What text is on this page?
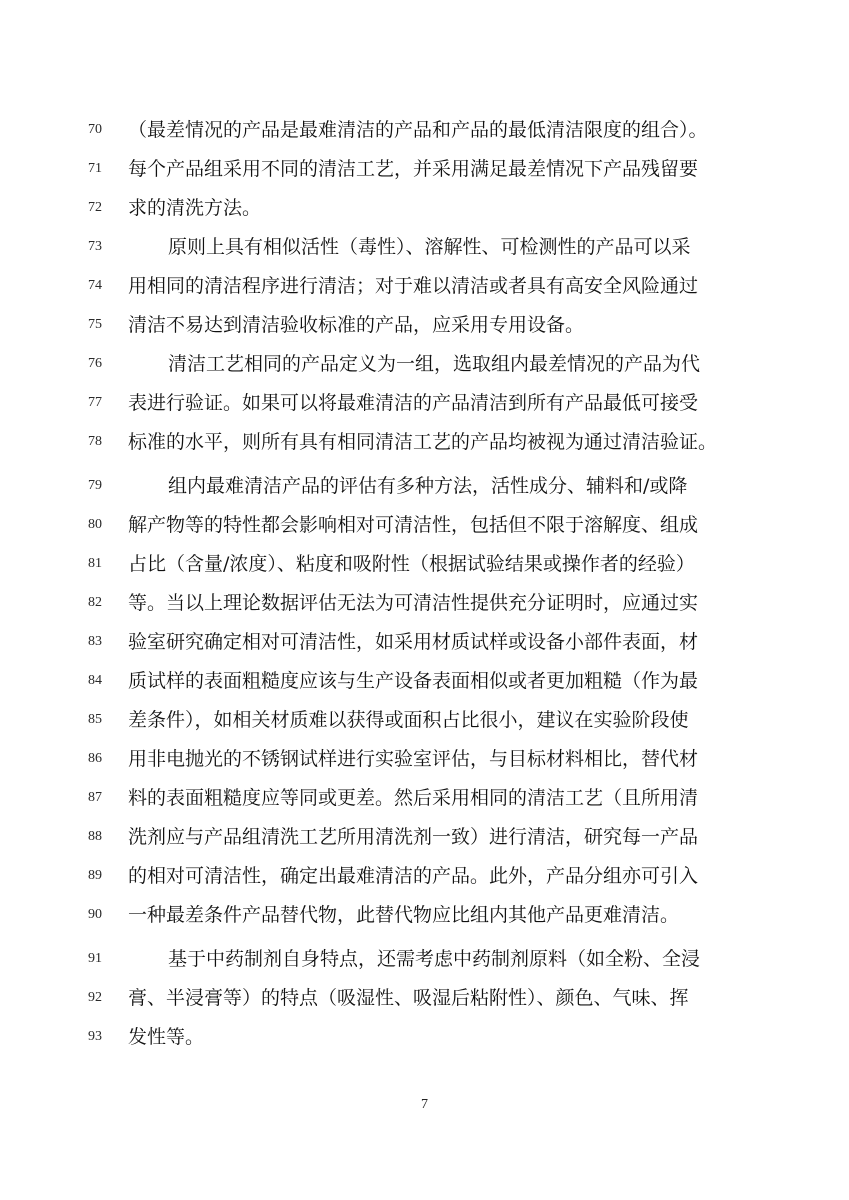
70	（最差情况的产品是最难清洁的产品和产品的最低清洁限度的组合）。
71	每个产品组采用不同的清洁工艺，并采用满足最差情况下产品残留要
72	求的清洗方法。
73	原则上具有相似活性（毒性）、溶解性、可检测性的产品可以采
74	用相同的清洁程序进行清洁；对于难以清洁或者具有高安全风险通过
75	清洁不易达到清洁验收标准的产品，应采用专用设备。
76	清洁工艺相同的产品定义为一组，选取组内最差情况的产品为代
77	表进行验证。如果可以将最难清洁的产品清洁到所有产品最低可接受
78	标准的水平，则所有具有相同清洁工艺的产品均被视为通过清洁验证。
79	组内最难清洁产品的评估有多种方法，活性成分、辅料和/或降
80	解产物等的特性都会影响相对可清洁性，包括但不限于溶解度、组成
81	占比（含量/浓度）、粘度和吸附性（根据试验结果或操作者的经验）
82	等。当以上理论数据评估无法为可清洁性提供充分证明时，应通过实
83	验室研究确定相对可清洁性，如采用材质试样或设备小部件表面，材
84	质试样的表面粗糙度应该与生产设备表面相似或者更加粗糙（作为最
85	差条件），如相关材质难以获得或面积占比很小，建议在实验阶段使
86	用非电抛光的不锈钢试样进行实验室评估，与目标材料相比，替代材
87	料的表面粗糙度应等同或更差。然后采用相同的清洁工艺（且所用清
88	洗剂应与产品组清洗工艺所用清洗剂一致）进行清洁，研究每一产品
89	的相对可清洁性，确定出最难清洁的产品。此外，产品分组亦可引入
90	一种最差条件产品替代物，此替代物应比组内其他产品更难清洁。
91	基于中药制剂自身特点，还需考虑中药制剂原料（如全粉、全浸
92	膏、半浸膏等）的特点（吸湿性、吸湿后粘附性）、颜色、气味、挥
93	发性等。
7
